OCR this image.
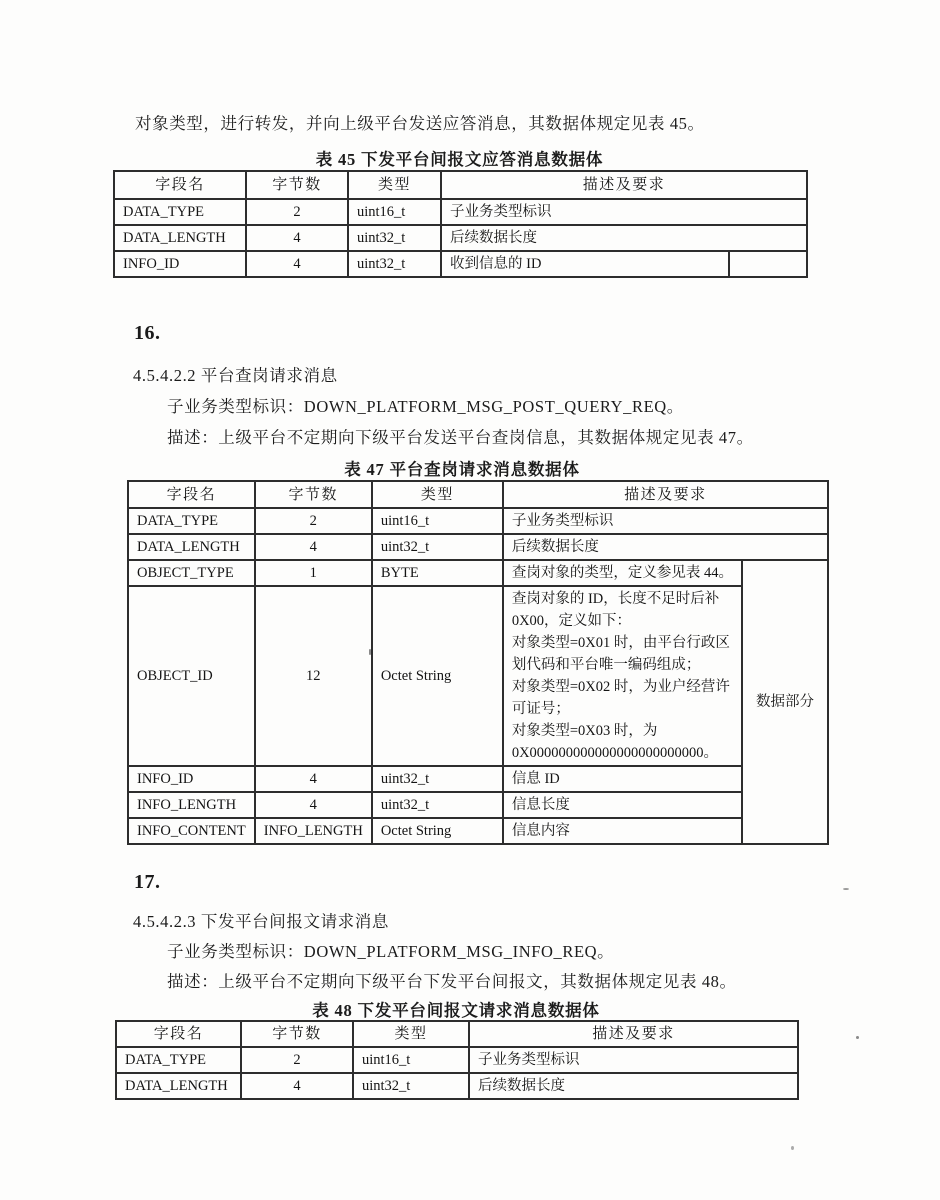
对象类型，进行转发，并向上级平台发送应答消息，其数据体规定见表 45。

表 45 下发平台间报文应答消息数据体
字段名	字节数	类型	描述及要求	

DATA_TYPE	2	uint16_t	子业务类型标识	

DATA_LENGTH	4	uint32_t	后续数据长度	

INFO_ID	4	uint32_t	收到信息的 ID	

16.
4.5.4.2.2 平台查岗请求消息
子业务类型标识：DOWN_PLATFORM_MSG_POST_QUERY_REQ。
描述：上级平台不定期向下级平台发送平台查岗信息，其数据体规定见表 47。
表 47 平台查岗请求消息数据体
字段名	字节数	类型	描述及要求	

DATA_TYPE	2	uint16_t	子业务类型标识	

DATA_LENGTH	4	uint32_t	后续数据长度	

OBJECT_TYPE	1	BYTE	查岗对象的类型，定义参见表 44。	数据部分

OBJECT_ID	12	Octet String

查岗对象的 ID，长度不足时后补
0X00，定义如下：
对象类型=0X01 时，由平台行政区
划代码和平台唯一编码组成；
对象类型=0X02 时，为业户经营许
可证号；
对象类型=0X03 时，为
0X000000000000000000000000。

INFO_ID	4	uint32_t	信息 ID	

INFO_LENGTH	4	uint32_t	信息长度	

INFO_CONTENT	INFO_LENGTH	Octet String	信息内容	
17.
4.5.4.2.3 下发平台间报文请求消息
子业务类型标识：DOWN_PLATFORM_MSG_INFO_REQ。
描述：上级平台不定期向下级平台下发平台间报文，其数据体规定见表 48。
表 48 下发平台间报文请求消息数据体
字段名	字节数	类型	描述及要求

DATA_TYPE	2	uint16_t	子业务类型标识

DATA_LENGTH	4	uint32_t	后续数据长度
